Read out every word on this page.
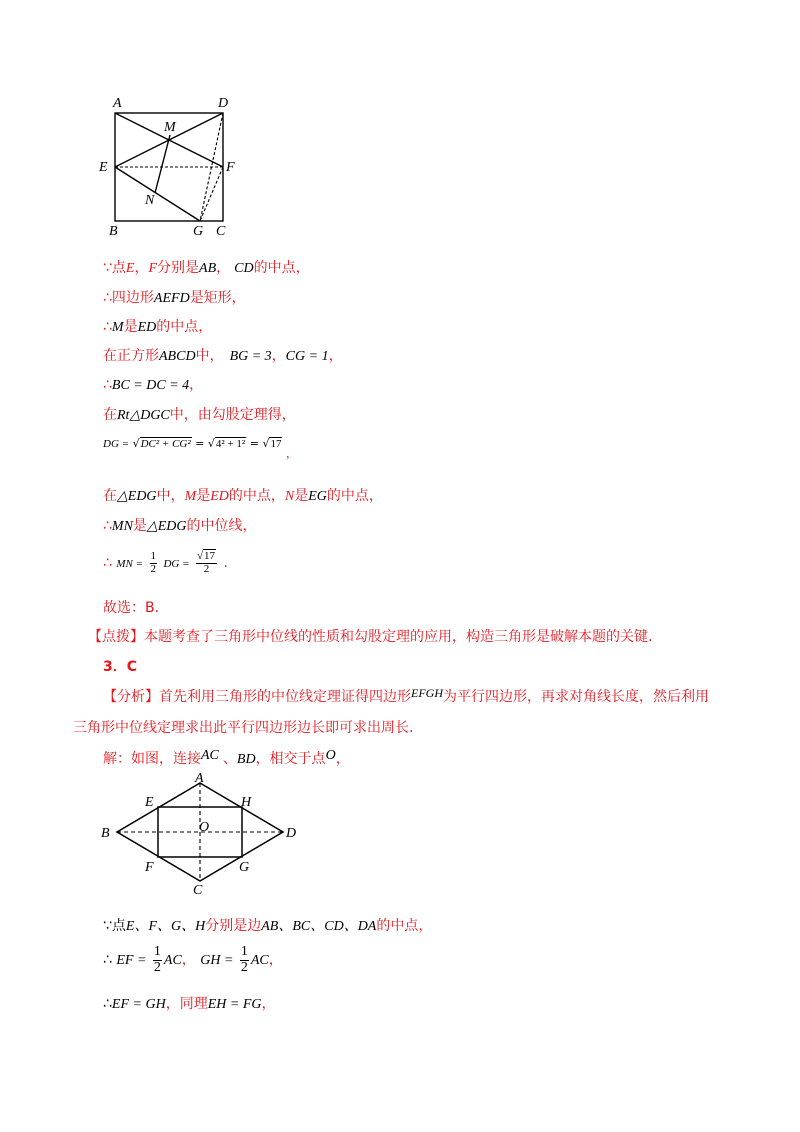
A	D
M
E	F
N
B	G C
∵点E，F分别是AB， CD的中点，
∴四边形AEFD是矩形，
∴M是ED的中点，
在正方形ABCD中， BG = 3，CG = 1，
∴BC = DC = 4，
在Rt△DGC中，由勾股定理得，
DG = √DC² + CG² = √4² + 1² = √17 ，
在△EDG中，M是ED的中点，N是EG的中点，
∴MN是△EDG的中位线，
∴ MN = $\frac{1}{2}$ DG = $\frac{√17}{2}$ .
故选：B.
【点拨】本题考查了三角形中位线的性质和勾股定理的应用，构造三角形是破解本题的关键.
3．C
【分析】首先利用三角形的中位线定理证得四边形EFGH为平行四边形，再求对角线长度，然后利用
三角形中位线定理求出此平行四边形边长即可求出周长.
解：如图，连接AC 、BD，相交于点O，
A
E	H
O
B	D
F	G
C
∵点E、F、G、H分别是边AB、BC、CD、DA的中点，
∴ EF = $\frac{1}{2}$ AC， GH = $\frac{1}{2}$ AC，
∴EF = GH，同理EH = FG，
